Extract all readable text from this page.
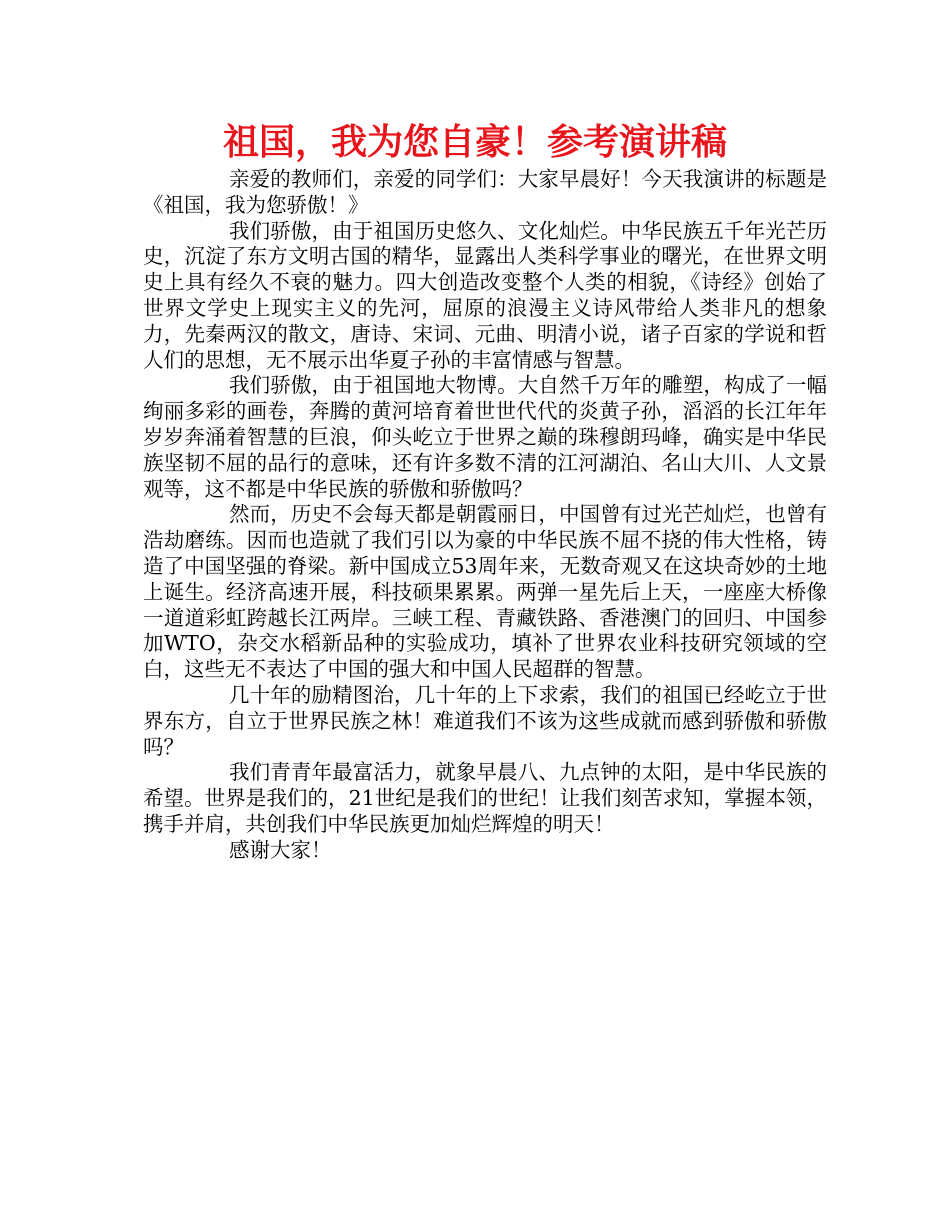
祖国，我为您自豪！参考演讲稿

亲爱的教师们，亲爱的同学们：大家早晨好！今天我演讲的标题是《祖国，我为您骄傲！》

我们骄傲，由于祖国历史悠久、文化灿烂。中华民族五千年光芒历史，沉淀了东方文明古国的精华，显露出人类科学事业的曙光，在世界文明史上具有经久不衰的魅力。四大创造改变整个人类的相貌，《诗经》创始了世界文学史上现实主义的先河，屈原的浪漫主义诗风带给人类非凡的想象力，先秦两汉的散文，唐诗、宋词、元曲、明清小说，诸子百家的学说和哲人们的思想，无不展示出华夏子孙的丰富情感与智慧。

我们骄傲，由于祖国地大物博。大自然千万年的雕塑，构成了一幅绚丽多彩的画卷，奔腾的黄河培育着世世代代的炎黄子孙，滔滔的长江年年岁岁奔涌着智慧的巨浪，仰头屹立于世界之巅的珠穆朗玛峰，确实是中华民族坚韧不屈的品行的意味，还有许多数不清的江河湖泊、名山大川、人文景观等，这不都是中华民族的骄傲和骄傲吗？

然而，历史不会每天都是朝霞丽日，中国曾有过光芒灿烂，也曾有浩劫磨练。因而也造就了我们引以为豪的中华民族不屈不挠的伟大性格，铸造了中国坚强的脊梁。新中国成立53周年来，无数奇观又在这块奇妙的土地上诞生。经济高速开展，科技硕果累累。两弹一星先后上天，一座座大桥像一道道彩虹跨越长江两岸。三峡工程、青藏铁路、香港澳门的回归、中国参加WTO，杂交水稻新品种的实验成功，填补了世界农业科技研究领域的空白，这些无不表达了中国的强大和中国人民超群的智慧。

几十年的励精图治，几十年的上下求索，我们的祖国已经屹立于世界东方，自立于世界民族之林！难道我们不该为这些成就而感到骄傲和骄傲吗？

我们青青年最富活力，就象早晨八、九点钟的太阳，是中华民族的希望。世界是我们的，21世纪是我们的世纪！让我们刻苦求知，掌握本领，携手并肩，共创我们中华民族更加灿烂辉煌的明天！

感谢大家！
